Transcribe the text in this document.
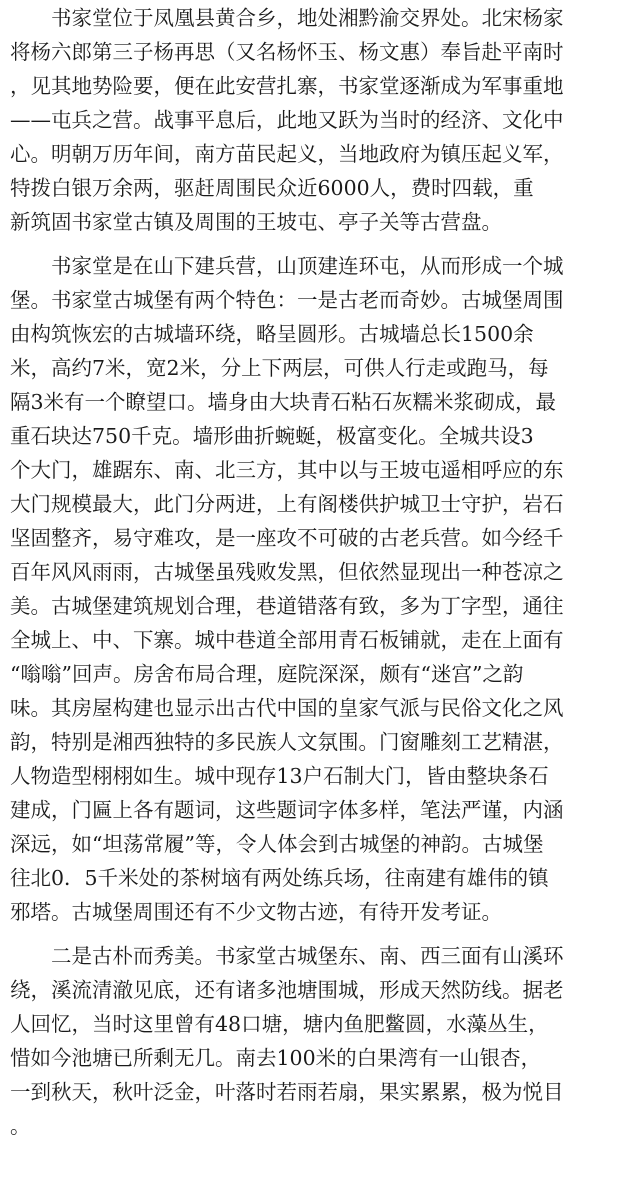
书家堂位于凤凰县黄合乡，地处湘黔渝交界处。北宋杨家
将杨六郎第三子杨再思（又名杨怀玉、杨文惠）奉旨赴平南时
，见其地势险要，便在此安营扎寨，书家堂逐渐成为军事重地
——屯兵之营。战事平息后，此地又跃为当时的经济、文化中
心。明朝万历年间，南方苗民起义，当地政府为镇压起义军，
特拨白银万余两，驱赶周围民众近6000人，费时四载，重
新筑固书家堂古镇及周围的王坡屯、亭子关等古营盘。
书家堂是在山下建兵营，山顶建连环屯，从而形成一个城
堡。书家堂古城堡有两个特色：一是古老而奇妙。古城堡周围
由构筑恢宏的古城墙环绕，略呈圆形。古城墙总长1500余
米，高约7米，宽2米，分上下两层，可供人行走或跑马，每
隔3米有一个瞭望口。墙身由大块青石粘石灰糯米浆砌成，最
重石块达750千克。墙形曲折蜿蜒，极富变化。全城共设3
个大门，雄踞东、南、北三方，其中以与王坡屯遥相呼应的东
大门规模最大，此门分两进，上有阁楼供护城卫士守护，岩石
坚固整齐，易守难攻，是一座攻不可破的古老兵营。如今经千
百年风风雨雨，古城堡虽残败发黑，但依然显现出一种苍凉之
美。古城堡建筑规划合理，巷道错落有致，多为丁字型，通往
全城上、中、下寨。城中巷道全部用青石板铺就，走在上面有
“嗡嗡”回声。房舍布局合理，庭院深深，颇有“迷宫”之韵
味。其房屋构建也显示出古代中国的皇家气派与民俗文化之风
韵，特别是湘西独特的多民族人文氛围。门窗雕刻工艺精湛，
人物造型栩栩如生。城中现存13户石制大门，皆由整块条石
建成，门匾上各有题词，这些题词字体多样，笔法严谨，内涵
深远，如“坦荡常履”等，令人体会到古城堡的神韵。古城堡
往北0．5千米处的茶树垴有两处练兵场，往南建有雄伟的镇
邪塔。古城堡周围还有不少文物古迹，有待开发考证。
二是古朴而秀美。书家堂古城堡东、南、西三面有山溪环
绕，溪流清澈见底，还有诸多池塘围城，形成天然防线。据老
人回忆，当时这里曾有48口塘，塘内鱼肥鳖圆，水藻丛生，
惜如今池塘已所剩无几。南去100米的白果湾有一山银杏，
一到秋天，秋叶泛金，叶落时若雨若扇，果实累累，极为悦目
。
